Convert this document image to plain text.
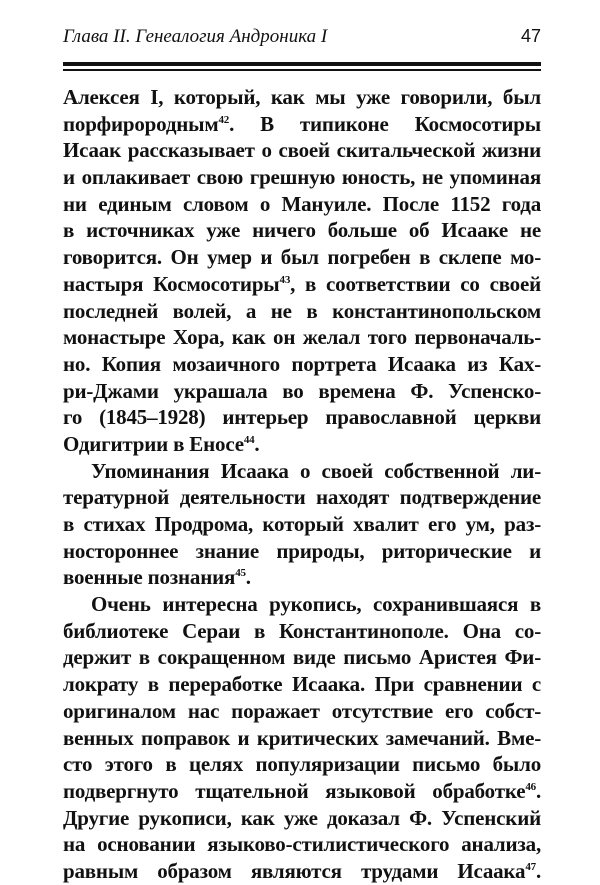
Глава II. Генеалогия Андроника I	47
Алексея I, который, как мы уже говорили, был
порфирородным$^{42}$. В типиконе Космосотиры
Исаак рассказывает о своей скитальческой жизни
и оплакивает свою грешную юность, не упоминая
ни единым словом о Мануиле. После 1152 года
в источниках уже ничего больше об Исааке не
говорится. Он умер и был погребен в склепе мо-
настыря Космосотиры$^{43}$, в соответствии со своей
последней волей, а не в константинопольском
монастыре Хора, как он желал того первоначаль-
но. Копия мозаичного портрета Исаака из Ках-
ри-Джами украшала во времена Ф. Успенско-
го (1845–1928) интерьер православной церкви
Одигитрии в Еносе$^{44}$.
Упоминания Исаака о своей собственной ли-
тературной деятельности находят подтверждение
в стихах Продрома, который хвалит его ум, раз-
ностороннее знание природы, риторические и
военные познания$^{45}$.
Очень интересна рукопись, сохранившаяся в
библиотеке Сераи в Константинополе. Она со-
держит в сокращенном виде письмо Аристея Фи-
лократу в переработке Исаака. При сравнении с
оригиналом нас поражает отсутствие его собст-
венных поправок и критических замечаний. Вме-
сто этого в целях популяризации письмо было
подвергнуто тщательной языковой обработке$^{46}$.
Другие рукописи, как уже доказал Ф. Успенский
на основании языково-стилистического анализа,
равным образом являются трудами Исаака$^{47}$.
